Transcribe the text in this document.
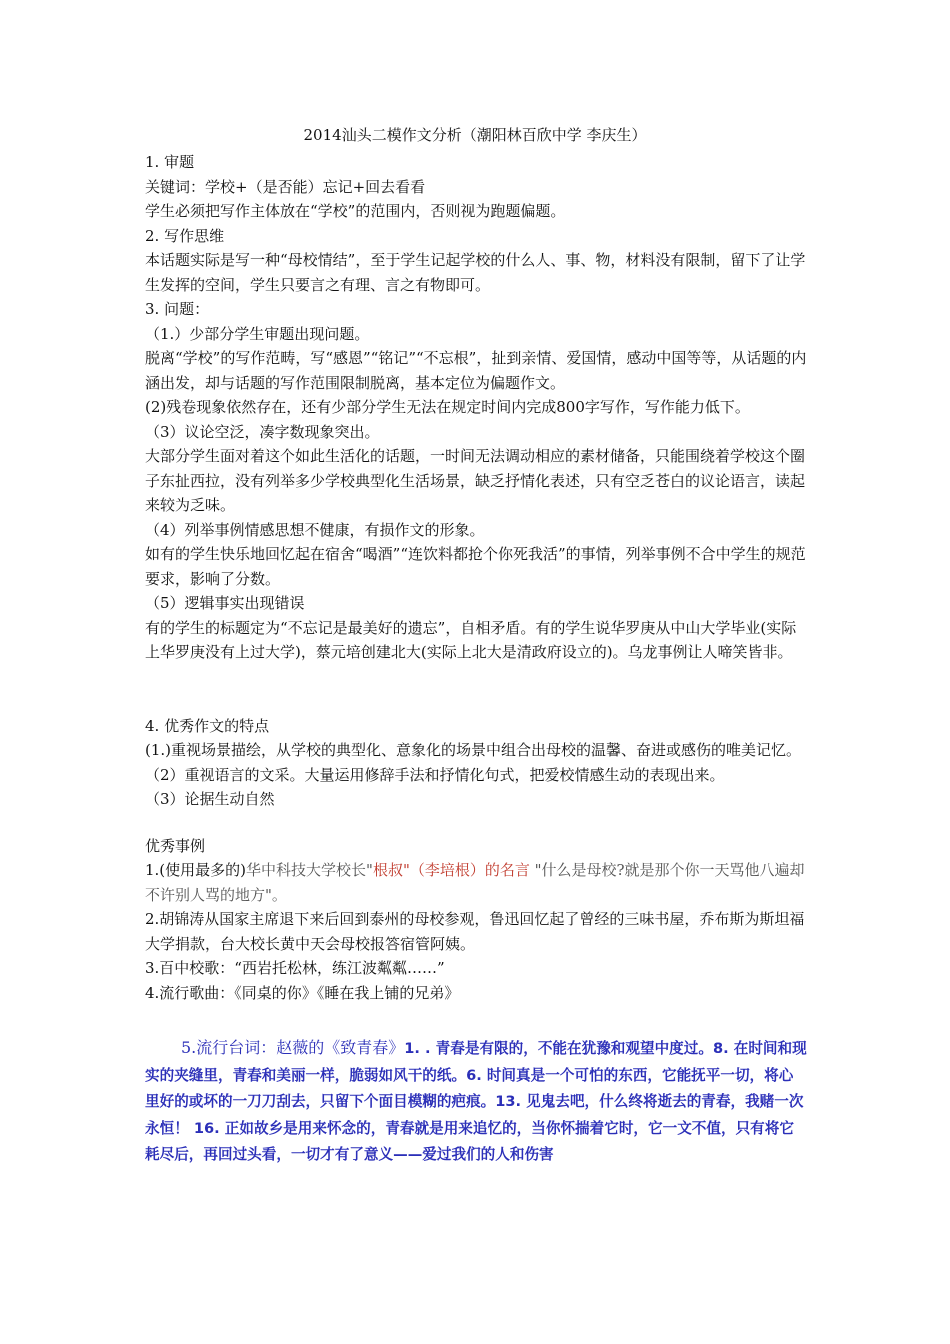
2014汕头二模作文分析（潮阳林百欣中学 李庆生）

1. 审题

关键词：学校+（是否能）忘记+回去看看

学生必须把写作主体放在“学校”的范围内，否则视为跑题偏题。

2. 写作思维

本话题实际是写一种“母校情结”，至于学生记起学校的什么人、事、物，材料没有限制，留下了让学生发挥的空间，学生只要言之有理、言之有物即可。

3. 问题：

（1.）少部分学生审题出现问题。

脱离“学校”的写作范畴，写“感恩”“铭记”“不忘根”，扯到亲情、爱国情，感动中国等等，从话题的内涵出发，却与话题的写作范围限制脱离，基本定位为偏题作文。

(2)残卷现象依然存在，还有少部分学生无法在规定时间内完成800字写作，写作能力低下。

（3）议论空泛，凑字数现象突出。

大部分学生面对着这个如此生活化的话题，一时间无法调动相应的素材储备，只能围绕着学校这个圈子东扯西拉，没有列举多少学校典型化生活场景，缺乏抒情化表述，只有空乏苍白的议论语言，读起来较为乏味。

（4）列举事例情感思想不健康，有损作文的形象。

如有的学生快乐地回忆起在宿舍“喝酒”“连饮料都抢个你死我活”的事情，列举事例不合中学生的规范要求，影响了分数。

（5）逻辑事实出现错误

有的学生的标题定为“不忘记是最美好的遗忘”，自相矛盾。有的学生说华罗庚从中山大学毕业(实际上华罗庚没有上过大学)，蔡元培创建北大(实际上北大是清政府设立的)。乌龙事例让人啼笑皆非。

4. 优秀作文的特点

(1.)重视场景描绘，从学校的典型化、意象化的场景中组合出母校的温馨、奋进或感伤的唯美记忆。

（2）重视语言的文采。大量运用修辞手法和抒情化句式，把爱校情感生动的表现出来。

（3）论据生动自然

优秀事例

1.(使用最多的)华中科技大学校长"根叔"（李培根）的名言 "什么是母校?就是那个你一天骂他八遍却不许别人骂的地方"。

2.胡锦涛从国家主席退下来后回到泰州的母校参观，鲁迅回忆起了曾经的三味书屋，乔布斯为斯坦福大学捐款，台大校长黄中天会母校报答宿管阿姨。

3.百中校歌：“西岩托松林，练江波粼粼……”

4.流行歌曲：《同桌的你》《睡在我上铺的兄弟》

5.流行台词：赵薇的《致青春》1. . 青春是有限的，不能在犹豫和观望中度过。8. 在时间和现实的夹缝里，青春和美丽一样，脆弱如风干的纸。6. 时间真是一个可怕的东西，它能抚平一切，将心里好的或坏的一刀刀刮去，只留下个面目模糊的疤痕。13. 见鬼去吧，什么终将逝去的青春，我赌一次永恒！ 16. 正如故乡是用来怀念的，青春就是用来追忆的，当你怀揣着它时，它一文不值，只有将它耗尽后，再回过头看，一切才有了意义——爱过我们的人和伤害
